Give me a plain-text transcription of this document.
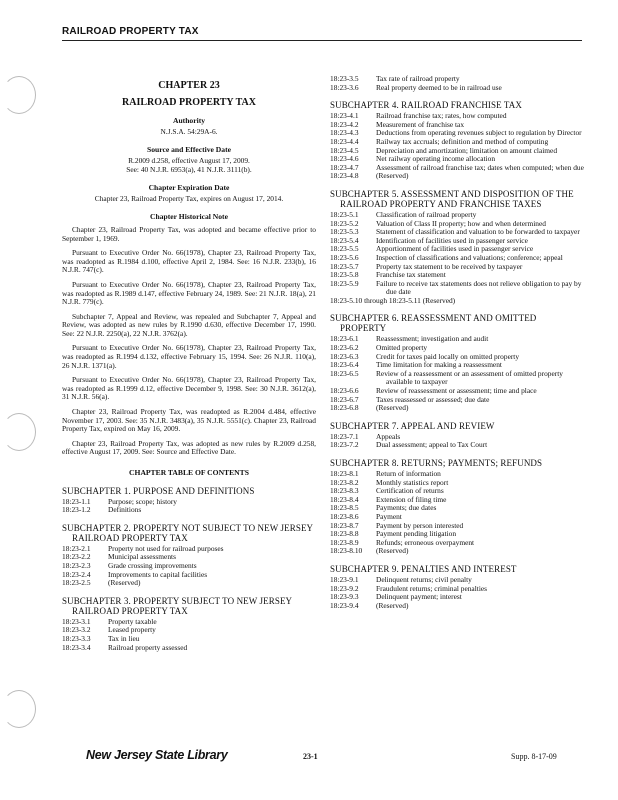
RAILROAD PROPERTY TAX
CHAPTER 23
RAILROAD PROPERTY TAX
Authority
N.J.S.A. 54:29A-6.
Source and Effective Date
R.2009 d.258, effective August 17, 2009.
See: 40 N.J.R. 6953(a), 41 N.J.R. 3111(b).
Chapter Expiration Date
Chapter 23, Railroad Property Tax, expires on August 17, 2014.
Chapter Historical Note

Chapter 23, Railroad Property Tax, was adopted and became effective prior to September 1, 1969.

Pursuant to Executive Order No. 66(1978), Chapter 23, Railroad Property Tax, was readopted as R.1984 d.100, effective April 2, 1984. See: 16 N.J.R. 233(b), 16 N.J.R. 747(c).

Pursuant to Executive Order No. 66(1978), Chapter 23, Railroad Property Tax, was readopted as R.1989 d.147, effective February 24, 1989. See: 21 N.J.R. 18(a), 21 N.J.R. 779(c).

Subchapter 7, Appeal and Review, was repealed and Subchapter 7, Appeal and Review, was adopted as new rules by R.1990 d.630, effective December 17, 1990. See: 22 N.J.R. 2250(a), 22 N.J.R. 3762(a).

Pursuant to Executive Order No. 66(1978), Chapter 23, Railroad Property Tax, was readopted as R.1994 d.132, effective February 15, 1994. See: 26 N.J.R. 110(a), 26 N.J.R. 1371(a).

Pursuant to Executive Order No. 66(1978), Chapter 23, Railroad Property Tax, was readopted as R.1999 d.12, effective December 9, 1998. See: 30 N.J.R. 3612(a), 31 N.J.R. 56(a).

Chapter 23, Railroad Property Tax, was readopted as R.2004 d.484, effective November 17, 2003. See: 35 N.J.R. 3483(a), 35 N.J.R. 5551(c). Chapter 23, Railroad Property Tax, expired on May 16, 2009.

Chapter 23, Railroad Property Tax, was adopted as new rules by R.2009 d.258, effective August 17, 2009. See: Source and Effective Date.

CHAPTER TABLE OF CONTENTS
SUBCHAPTER 1. PURPOSE AND DEFINITIONS
18:23-1.1	Purpose; scope; history
18:23-1.2	Definitions
SUBCHAPTER 2. PROPERTY NOT SUBJECT TO NEW JERSEY RAILROAD PROPERTY TAX
18:23-2.1	Property not used for railroad purposes
18:23-2.2	Municipal assessments
18:23-2.3	Grade crossing improvements
18:23-2.4	Improvements to capital facilities
18:23-2.5	(Reserved)
SUBCHAPTER 3. PROPERTY SUBJECT TO NEW JERSEY RAILROAD PROPERTY TAX
18:23-3.1	Property taxable
18:23-3.2	Leased property
18:23-3.3	Tax in lieu
18:23-3.4	Railroad property assessed
18:23-3.5	Tax rate of railroad property
18:23-3.6	Real property deemed to be in railroad use
SUBCHAPTER 4. RAILROAD FRANCHISE TAX
18:23-4.1	Railroad franchise tax; rates, how computed
18:23-4.2	Measurement of franchise tax
18:23-4.3	Deductions from operating revenues subject to regulation by Director
18:23-4.4	Railway tax accruals; definition and method of computing
18:23-4.5	Depreciation and amortization; limitation on amount claimed
18:23-4.6	Net railway operating income allocation
18:23-4.7	Assessment of railroad franchise tax; dates when computed; when due
18:23-4.8	(Reserved)
SUBCHAPTER 5. ASSESSMENT AND DISPOSITION OF THE RAILROAD PROPERTY AND FRANCHISE TAXES
18:23-5.1	Classification of railroad property
18:23-5.2	Valuation of Class II property; how and when determined
18:23-5.3	Statement of classification and valuation to be forwarded to taxpayer
18:23-5.4	Identification of facilities used in passenger service
18:23-5.5	Apportionment of facilities used in passenger service
18:23-5.6	Inspection of classifications and valuations; conference; appeal
18:23-5.7	Property tax statement to be received by taxpayer
18:23-5.8	Franchise tax statement
18:23-5.9	Failure to receive tax statements does not relieve obligation to pay by due date
18:23-5.10 through 18:23-5.11 (Reserved)
SUBCHAPTER 6. REASSESSMENT AND OMITTED PROPERTY
18:23-6.1	Reassessment; investigation and audit
18:23-6.2	Omitted property
18:23-6.3	Credit for taxes paid locally on omitted property
18:23-6.4	Time limitation for making a reassessment
18:23-6.5	Review of a reassessment or an assessment of omitted property available to taxpayer
18:23-6.6	Review of reassessment or assessment; time and place
18:23-6.7	Taxes reassessed or assessed; due date
18:23-6.8	(Reserved)
SUBCHAPTER 7. APPEAL AND REVIEW
18:23-7.1	Appeals
18:23-7.2	Dual assessment; appeal to Tax Court
SUBCHAPTER 8. RETURNS; PAYMENTS; REFUNDS
18:23-8.1	Return of information
18:23-8.2	Monthly statistics report
18:23-8.3	Certification of returns
18:23-8.4	Extension of filing time
18:23-8.5	Payments; due dates
18:23-8.6	Payment
18:23-8.7	Payment by person interested
18:23-8.8	Payment pending litigation
18:23-8.9	Refunds; erroneous overpayment
18:23-8.10	(Reserved)
SUBCHAPTER 9. PENALTIES AND INTEREST
18:23-9.1	Delinquent returns; civil penalty
18:23-9.2	Fraudulent returns; criminal penalties
18:23-9.3	Delinquent payment; interest
18:23-9.4	(Reserved)
New Jersey State Library	23-1	Supp. 8-17-09
